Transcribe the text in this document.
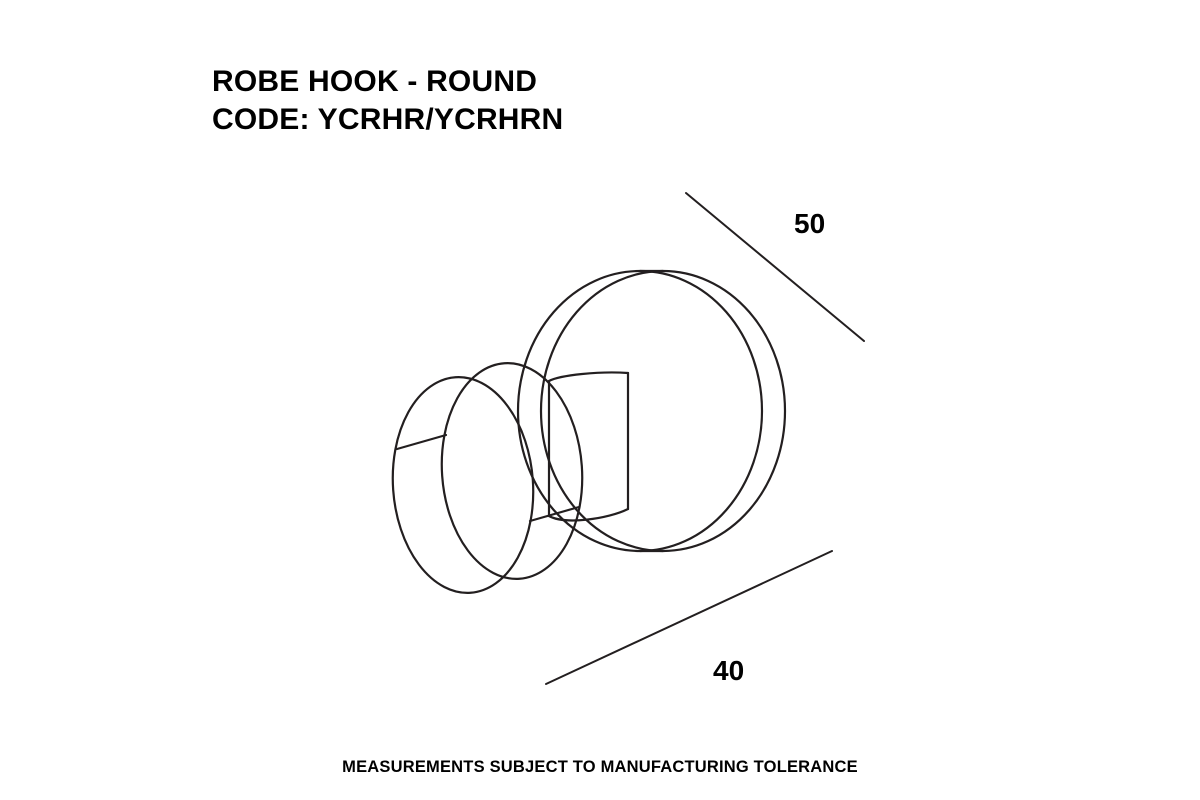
ROBE HOOK - ROUND
CODE: YCRHR/YCRHRN
50
40
MEASUREMENTS SUBJECT TO MANUFACTURING TOLERANCE
